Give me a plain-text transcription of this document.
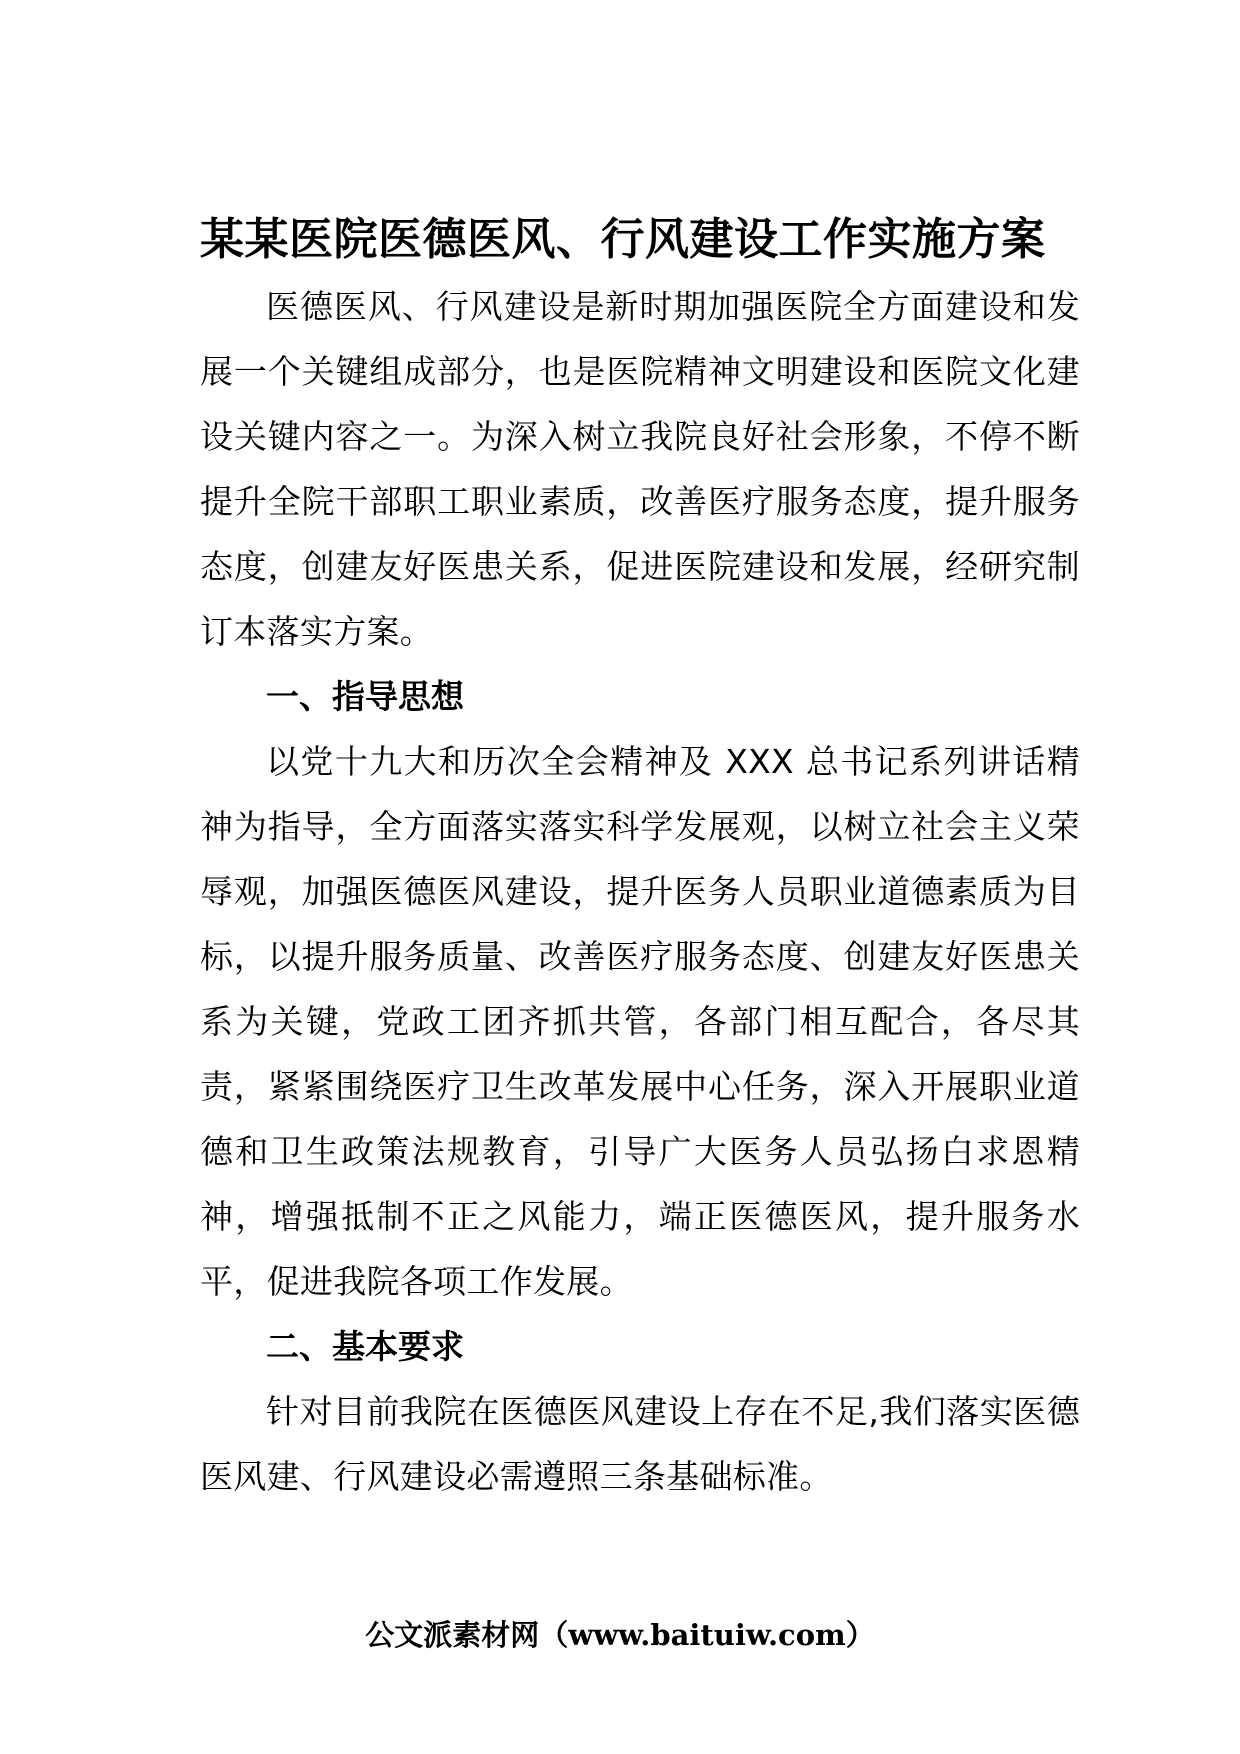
某某医院医德医风、行风建设工作实施方案

医德医风、行风建设是新时期加强医院全方面建设和发展一个关键组成部分，也是医院精神文明建设和医院文化建设关键内容之一。为深入树立我院良好社会形象，不停不断提升全院干部职工职业素质，改善医疗服务态度，提升服务态度，创建友好医患关系，促进医院建设和发展，经研究制订本落实方案。

一、指导思想

以党十九大和历次全会精神及 XXX 总书记系列讲话精神为指导，全方面落实落实科学发展观，以树立社会主义荣辱观，加强医德医风建设，提升医务人员职业道德素质为目标，以提升服务质量、改善医疗服务态度、创建友好医患关系为关键，党政工团齐抓共管，各部门相互配合，各尽其责，紧紧围绕医疗卫生改革发展中心任务，深入开展职业道德和卫生政策法规教育，引导广大医务人员弘扬白求恩精神，增强抵制不正之风能力，端正医德医风，提升服务水平，促进我院各项工作发展。

二、基本要求

针对目前我院在医德医风建设上存在不足,我们落实医德医风建、行风建设必需遵照三条基础标准。

公文派素材网（www.baituiw.com）
